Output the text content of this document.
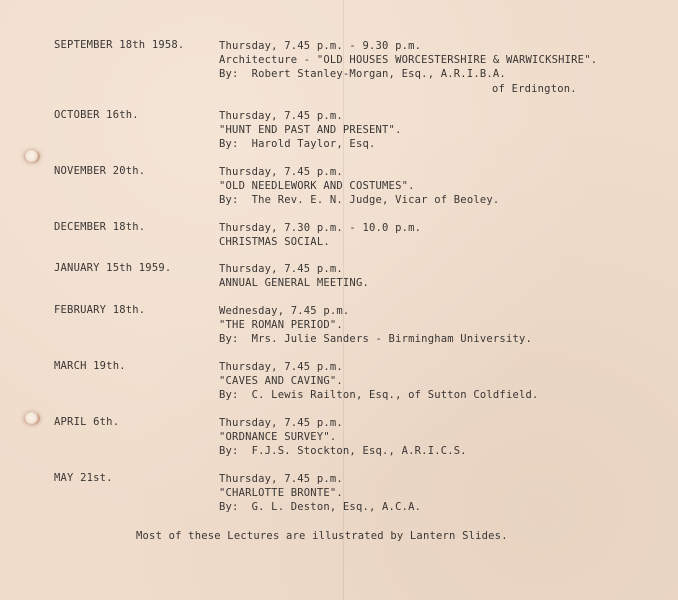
SEPTEMBER 18th 1958.	Thursday, 7.45 p.m. - 9.30 p.m.
Architecture - "OLD HOUSES WORCESTERSHIRE & WARWICKSHIRE".
By:  Robert Stanley-Morgan, Esq., A.R.I.B.A.
of Erdington.
OCTOBER 16th.	Thursday, 7.45 p.m.
"HUNT END PAST AND PRESENT".
By:  Harold Taylor, Esq.
NOVEMBER 20th.	Thursday, 7.45 p.m.
"OLD NEEDLEWORK AND COSTUMES".
By:  The Rev. E. N. Judge, Vicar of Beoley.
DECEMBER 18th.	Thursday, 7.30 p.m. - 10.0 p.m.
CHRISTMAS SOCIAL.
JANUARY 15th 1959.	Thursday, 7.45 p.m.
ANNUAL GENERAL MEETING.
FEBRUARY 18th.	Wednesday, 7.45 p.m.
"THE ROMAN PERIOD".
By:  Mrs. Julie Sanders - Birmingham University.
MARCH 19th.	Thursday, 7.45 p.m.
"CAVES AND CAVING".
By:  C. Lewis Railton, Esq., of Sutton Coldfield.
APRIL 6th.	Thursday, 7.45 p.m.
"ORDNANCE SURVEY".
By:  F.J.S. Stockton, Esq., A.R.I.C.S.
MAY 21st.	Thursday, 7.45 p.m.
"CHARLOTTE BRONTE".
By:  G. L. Deston, Esq., A.C.A.
Most of these Lectures are illustrated by Lantern Slides.
